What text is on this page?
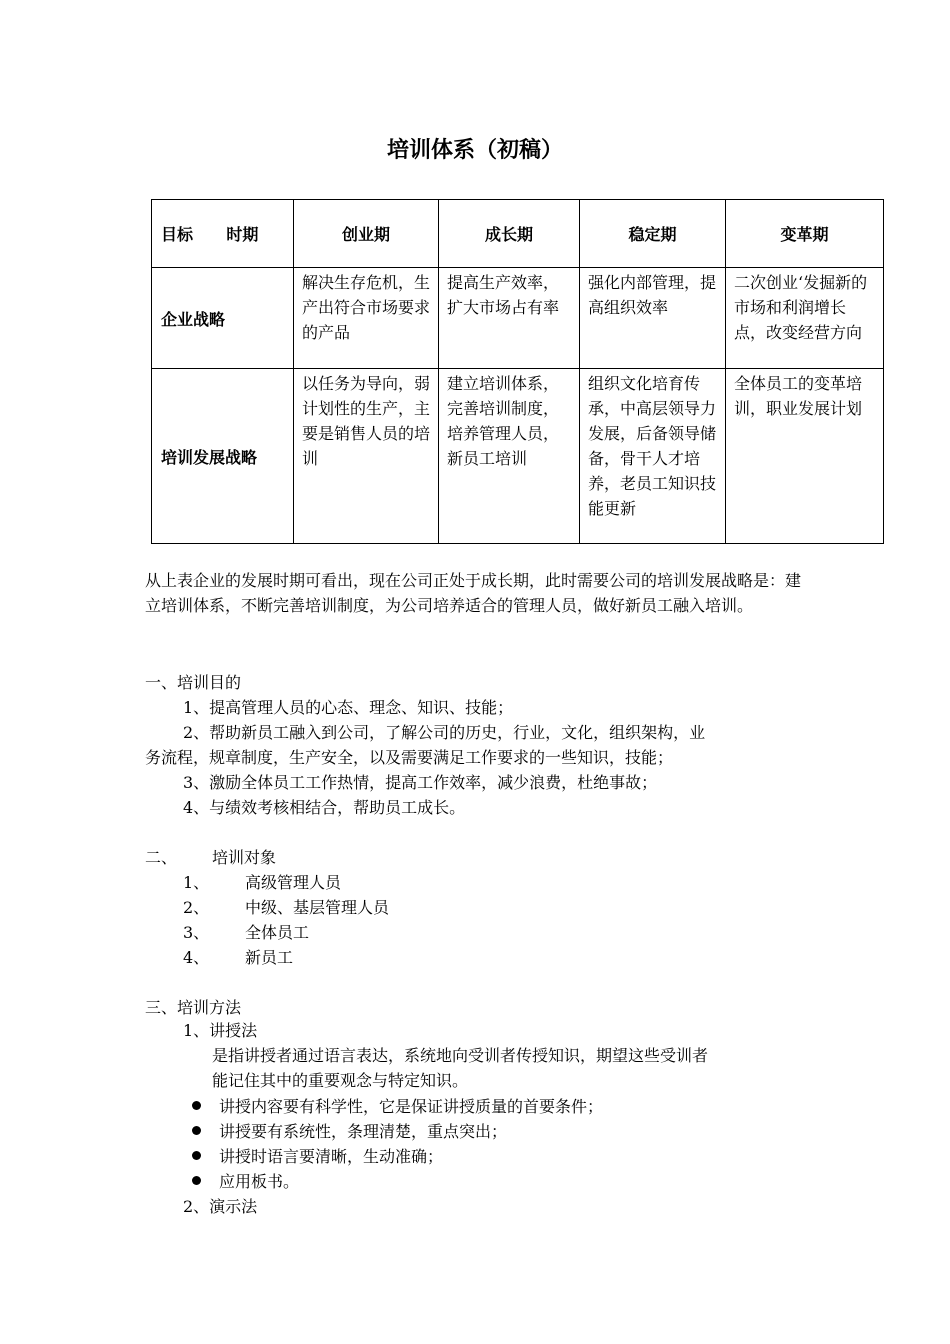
培训体系（初稿）
目标      时期	创业期	成长期	稳定期	变革期
企业战略	解决生存危机，生产出符合市场要求的产品	提高生产效率，扩大市场占有率	强化内部管理，提高组织效率	二次创业‘发掘新的市场和利润增长点，改变经营方向
培训发展战略	以任务为导向，弱计划性的生产，主要是销售人员的培训	建立培训体系，完善培训制度，培养管理人员，新员工培训	组织文化培育传承，中高层领导力发展，后备领导储备，骨干人才培养，老员工知识技能更新	全体员工的变革培训，职业发展计划
从上表企业的发展时期可看出，现在公司正处于成长期，此时需要公司的培训发展战略是：建立培训体系，不断完善培训制度，为公司培养适合的管理人员，做好新员工融入培训。
一、培训目的
1、提高管理人员的心态、理念、知识、技能；
2、帮助新员工融入到公司，了解公司的历史，行业，文化，组织架构，业
务流程，规章制度，生产安全，以及需要满足工作要求的一些知识，技能；
3、激励全体员工工作热情，提高工作效率，减少浪费，杜绝事故；
4、与绩效考核相结合，帮助员工成长。
二、 培训对象
1、 高级管理人员
2、 中级、基层管理人员
3、 全体员工
4、 新员工
三、培训方法
1、讲授法
是指讲授者通过语言表达，系统地向受训者传授知识，期望这些受训者
能记住其中的重要观念与特定知识。
讲授内容要有科学性，它是保证讲授质量的首要条件；
讲授要有系统性，条理清楚，重点突出；
讲授时语言要清晰，生动准确；
应用板书。
2、演示法
